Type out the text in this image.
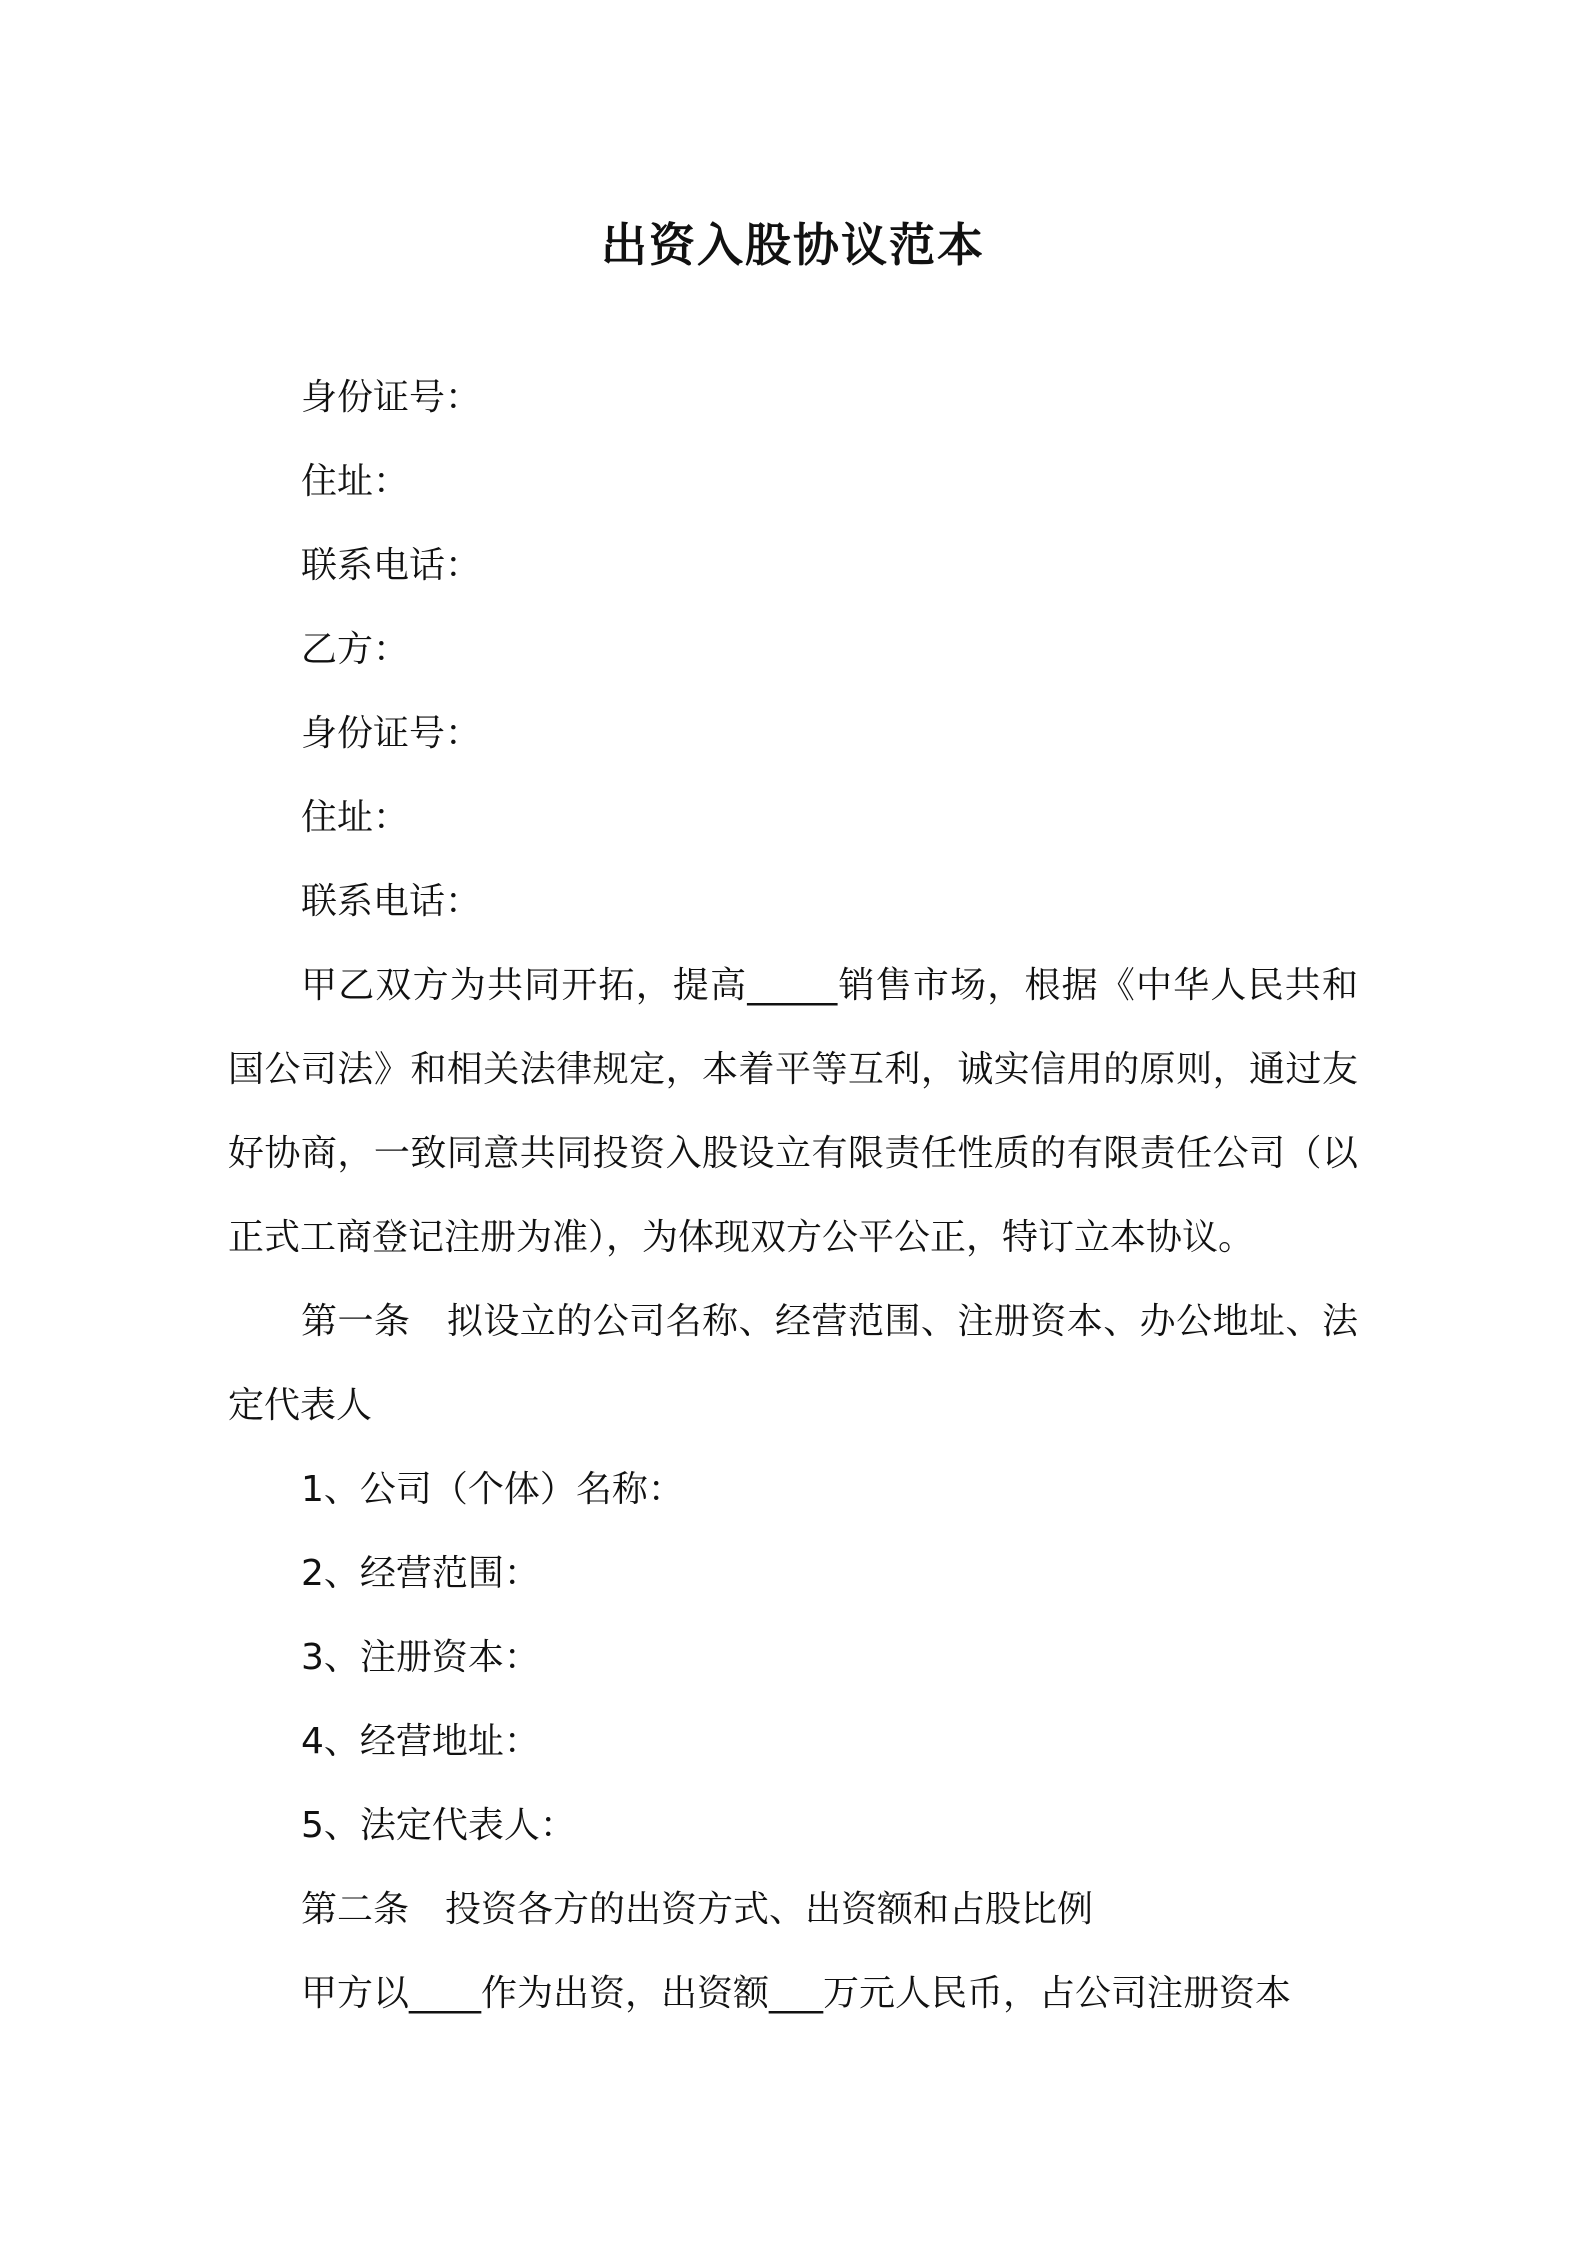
出资入股协议范本
身份证号：
住址：
联系电话：
乙方：
身份证号：
住址：
联系电话：

甲乙双方为共同开拓，提高_____销售市场，根据《中华人民共和国公司法》和相关法律规定，本着平等互利，诚实信用的原则，通过友好协商，一致同意共同投资入股设立有限责任性质的有限责任公司（以正式工商登记注册为准），为体现双方公平公正，特订立本协议。

第一条　拟设立的公司名称、经营范围、注册资本、办公地址、法定代表人

1、公司（个体）名称：
2、经营范围：
3、注册资本：
4、经营地址：
5、法定代表人：
第二条　投资各方的出资方式、出资额和占股比例
甲方以____作为出资，出资额___万元人民币，占公司注册资本
